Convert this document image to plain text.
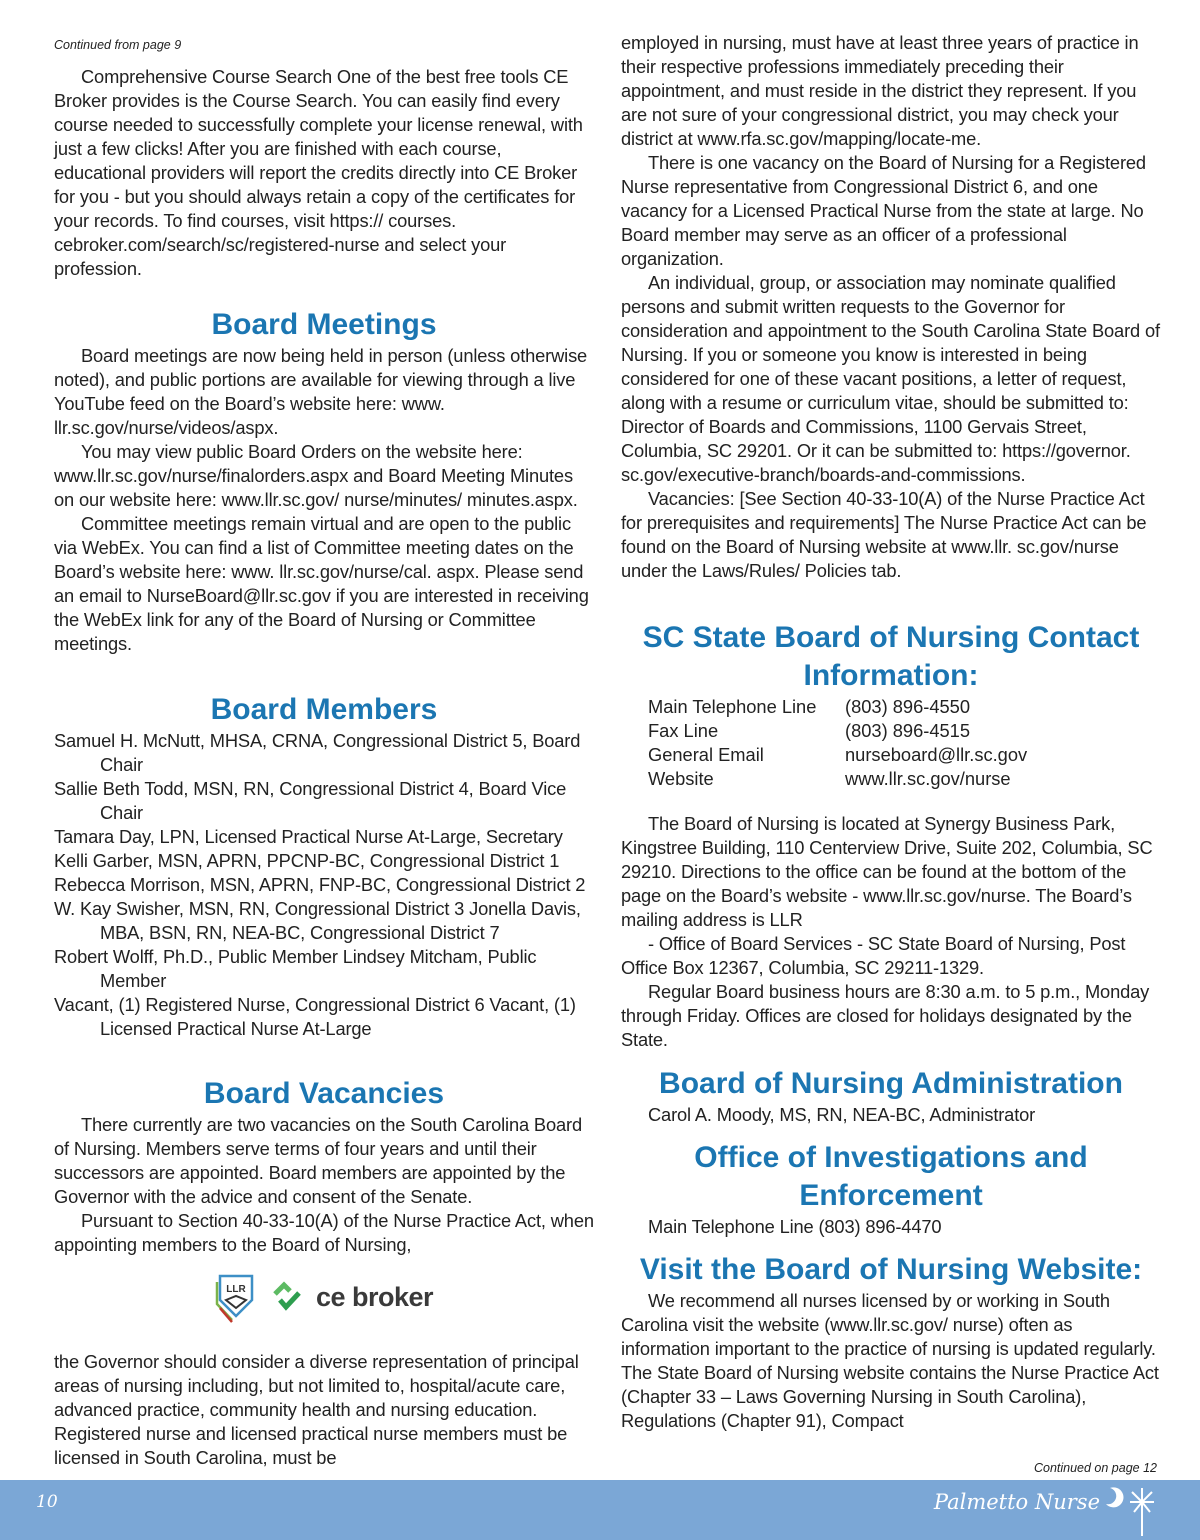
Continued from page 9

Comprehensive Course Search One of the best free tools CE Broker provides is the Course Search. You can easily find every course needed to successfully complete your license renewal, with just a few clicks! After you are finished with each course, educational providers will report the credits directly into CE Broker for you - but you should always retain a copy of the certificates for your records. To find courses, visit https:// courses. cebroker.com/search/sc/registered-nurse and select your profession.

Board Meetings

Board meetings are now being held in person (unless otherwise noted), and public portions are available for viewing through a live YouTube feed on the Board’s website here: www. llr.sc.gov/nurse/videos/aspx.

You may view public Board Orders on the website here: www.llr.sc.gov/nurse/finalorders.aspx and Board Meeting Minutes on our website here: www.llr.sc.gov/ nurse/minutes/ minutes.aspx.

Committee meetings remain virtual and are open to the public via WebEx. You can find a list of Committee meeting dates on the Board’s website here: www. llr.sc.gov/nurse/cal. aspx. Please send an email to NurseBoard@llr.sc.gov if you are interested in receiving the WebEx link for any of the Board of Nursing or Committee meetings.

Board Members
Samuel H. McNutt, MHSA, CRNA, Congressional District 5, Board Chair
Sallie Beth Todd, MSN, RN, Congressional District 4, Board Vice Chair
Tamara Day, LPN, Licensed Practical Nurse At-Large, Secretary
Kelli Garber, MSN, APRN, PPCNP-BC, Congressional District 1
Rebecca Morrison, MSN, APRN, FNP-BC, Congressional District 2
W. Kay Swisher, MSN, RN, Congressional District 3 Jonella Davis, MBA, BSN, RN, NEA-BC, Congressional District 7
Robert Wolff, Ph.D., Public Member Lindsey Mitcham, Public Member
Vacant, (1) Registered Nurse, Congressional District 6 Vacant, (1) Licensed Practical Nurse At-Large
Board Vacancies

There currently are two vacancies on the South Carolina Board of Nursing. Members serve terms of four years and until their successors are appointed. Board members are appointed by the Governor with the advice and consent of the Senate.

Pursuant to Section 40-33-10(A) of the Nurse Practice Act, when appointing members to the Board of Nursing,

LLR	ce broker

the Governor should consider a diverse representation of principal areas of nursing including, but not limited to, hospital/acute care, advanced practice, community health and nursing education. Registered nurse and licensed practical nurse members must be licensed in South Carolina, must be

employed in nursing, must have at least three years of practice in their respective professions immediately preceding their appointment, and must reside in the district they represent. If you are not sure of your congressional district, you may check your district at www.rfa.sc.gov/mapping/locate-me.

There is one vacancy on the Board of Nursing for a Registered Nurse representative from Congressional District 6, and one vacancy for a Licensed Practical Nurse from the state at large. No Board member may serve as an officer of a professional organization.

An individual, group, or association may nominate qualified persons and submit written requests to the Governor for consideration and appointment to the South Carolina State Board of Nursing. If you or someone you know is interested in being considered for one of these vacant positions, a letter of request, along with a resume or curriculum vitae, should be submitted to: Director of Boards and Commissions, 1100 Gervais Street, Columbia, SC 29201. Or it can be submitted to: https://governor. sc.gov/executive-branch/boards-and-commissions.

Vacancies: [See Section 40-33-10(A) of the Nurse Practice Act for prerequisites and requirements] The Nurse Practice Act can be found on the Board of Nursing website at www.llr. sc.gov/nurse under the Laws/Rules/ Policies tab.

SC State Board of Nursing Contact Information:
Main Telephone Line	(803) 896-4550
Fax Line	(803) 896-4515
General Email	nurseboard@llr.sc.gov
Website	www.llr.sc.gov/nurse

The Board of Nursing is located at Synergy Business Park, Kingstree Building, 110 Centerview Drive, Suite 202, Columbia, SC 29210. Directions to the office can be found at the bottom of the page on the Board’s website - www.llr.sc.gov/nurse. The Board’s mailing address is LLR

- Office of Board Services - SC State Board of Nursing, Post Office Box 12367, Columbia, SC 29211-1329.

Regular Board business hours are 8:30 a.m. to 5 p.m., Monday through Friday. Offices are closed for holidays designated by the State.

Board of Nursing Administration

Carol A. Moody, MS, RN, NEA-BC, Administrator

Office of Investigations and Enforcement

Main Telephone Line (803) 896-4470

Visit the Board of Nursing Website:

We recommend all nurses licensed by or working in South Carolina visit the website (www.llr.sc.gov/ nurse) often as information important to the practice of nursing is updated regularly. The State Board of Nursing website contains the Nurse Practice Act (Chapter 33 – Laws Governing Nursing in South Carolina), Regulations (Chapter 91), Compact

Continued on page 12
10	Palmetto Nurse
